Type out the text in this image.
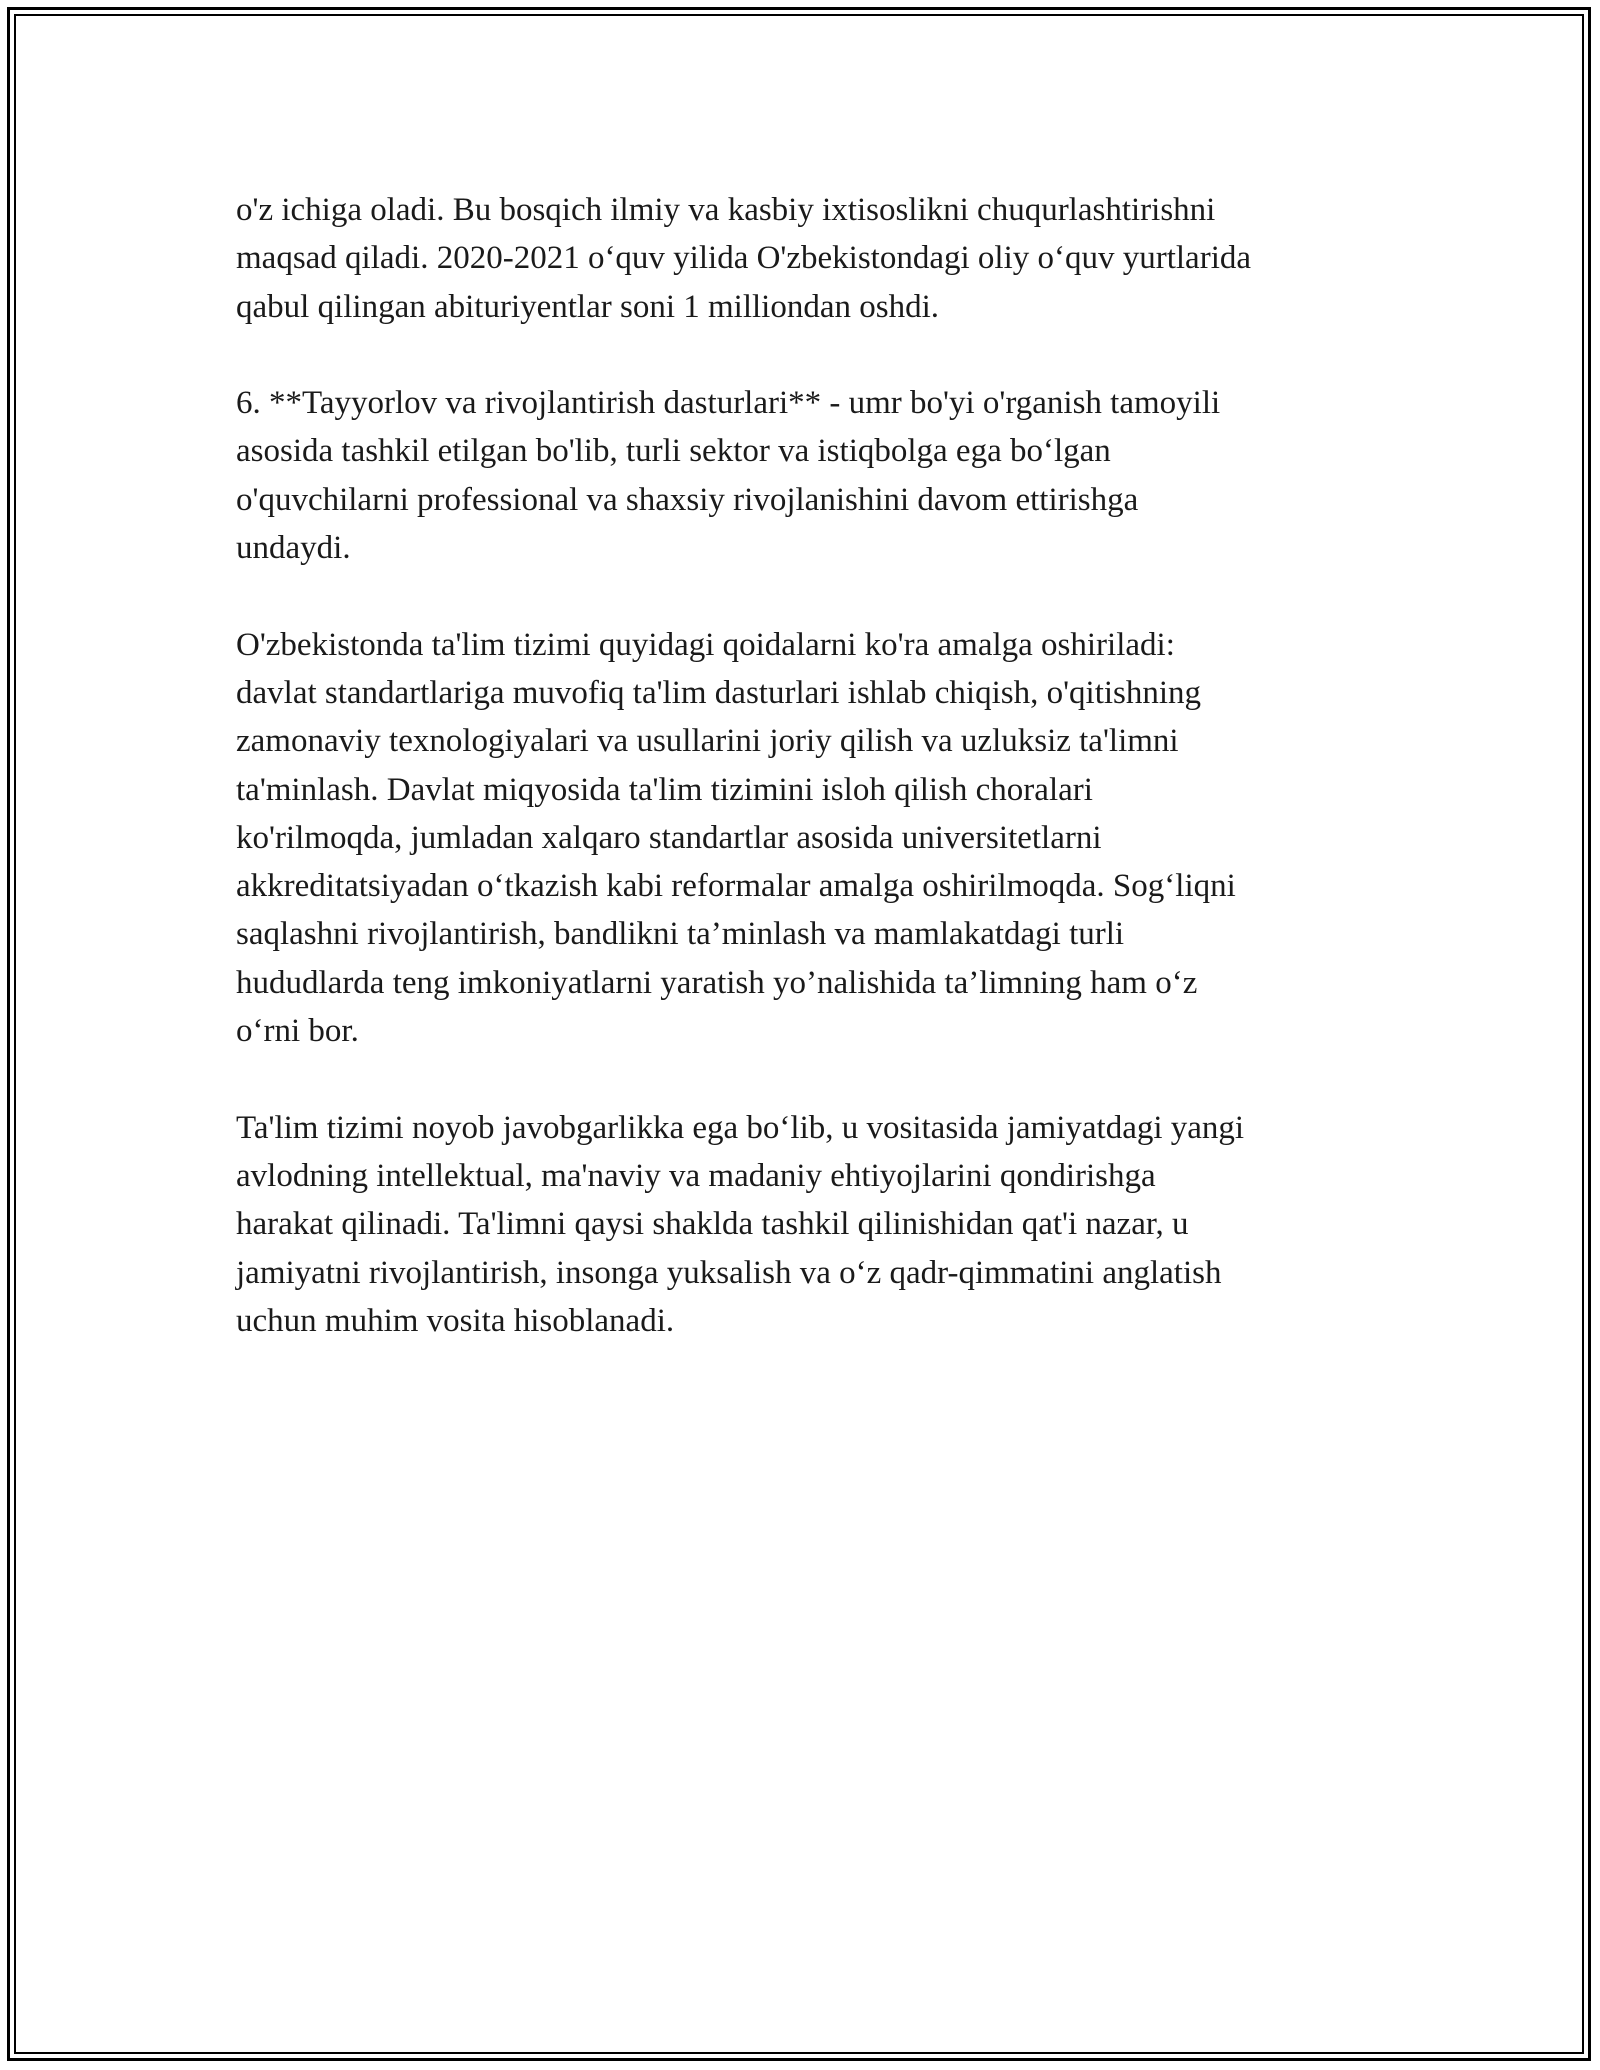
o'z ichiga oladi. Bu bosqich ilmiy va kasbiy ixtisoslikni chuqurlashtirishni
maqsad qiladi. 2020-2021 o‘quv yilida O'zbekistondagi oliy o‘quv yurtlarida
qabul qilingan abituriyentlar soni 1 milliondan oshdi.

6. **Tayyorlov va rivojlantirish dasturlari** - umr bo'yi o'rganish tamoyili
asosida tashkil etilgan bo'lib, turli sektor va istiqbolga ega bo‘lgan
o'quvchilarni professional va shaxsiy rivojlanishini davom ettirishga
undaydi.

O'zbekistonda ta'lim tizimi quyidagi qoidalarni ko'ra amalga oshiriladi:
davlat standartlariga muvofiq ta'lim dasturlari ishlab chiqish, o'qitishning
zamonaviy texnologiyalari va usullarini joriy qilish va uzluksiz ta'limni
ta'minlash. Davlat miqyosida ta'lim tizimini isloh qilish choralari
ko'rilmoqda, jumladan xalqaro standartlar asosida universitetlarni
akkreditatsiyadan o‘tkazish kabi reformalar amalga oshirilmoqda. Sog‘liqni
saqlashni rivojlantirish, bandlikni ta’minlash va mamlakatdagi turli
hududlarda teng imkoniyatlarni yaratish yo’nalishida ta’limning ham o‘z
o‘rni bor.

Ta'lim tizimi noyob javobgarlikka ega bo‘lib, u vositasida jamiyatdagi yangi
avlodning intellektual, ma'naviy va madaniy ehtiyojlarini qondirishga
harakat qilinadi. Ta'limni qaysi shaklda tashkil qilinishidan qat'i nazar, u
jamiyatni rivojlantirish, insonga yuksalish va o‘z qadr-qimmatini anglatish
uchun muhim vosita hisoblanadi.
